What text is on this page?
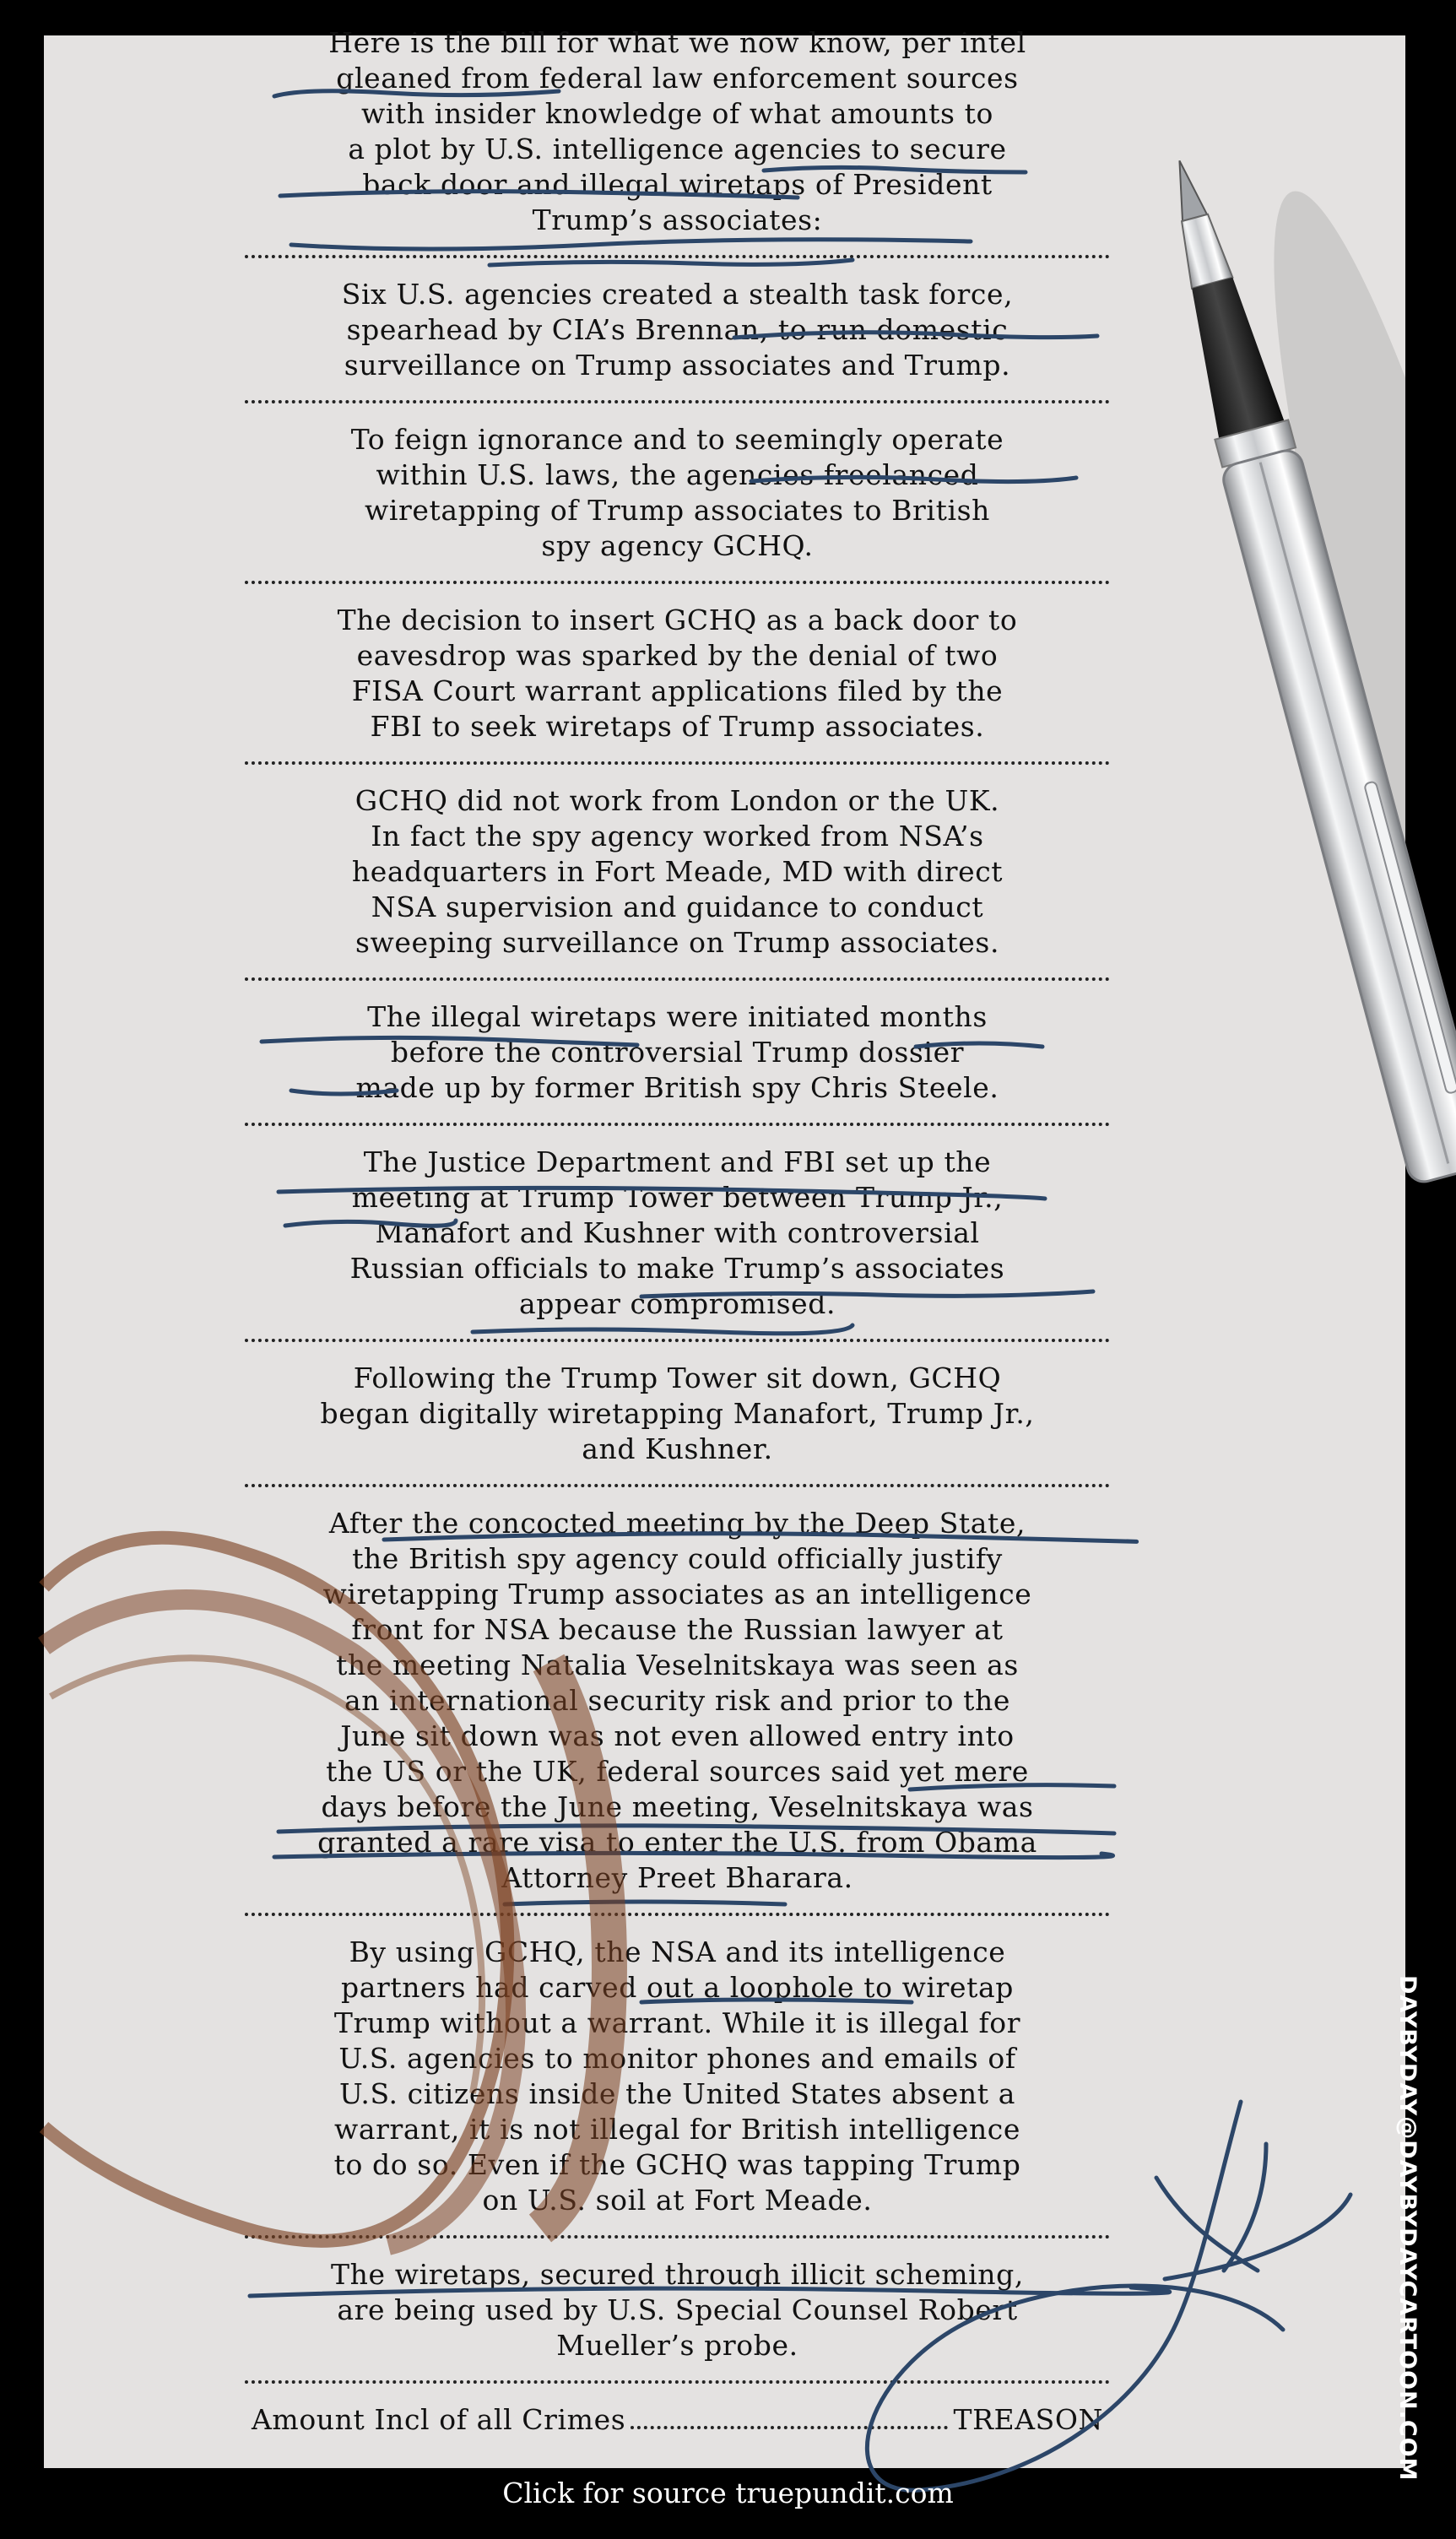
Here is the bill for what we now know, per intel
gleaned from federal law enforcement sources
with insider knowledge of what amounts to
a plot by U.S. intelligence agencies to secure
back door and illegal wiretaps of President
Trump’s associates:
Six U.S. agencies created a stealth task force,
spearhead by CIA’s Brennan, to run domestic
surveillance on Trump associates and Trump.
To feign ignorance and to seemingly operate
within U.S. laws, the agencies freelanced
wiretapping of Trump associates to British
spy agency GCHQ.
The decision to insert GCHQ as a back door to
eavesdrop was sparked by the denial of two
FISA Court warrant applications filed by the
FBI to seek wiretaps of Trump associates.
GCHQ did not work from London or the UK.
In fact the spy agency worked from NSA’s
headquarters in Fort Meade, MD with direct
NSA supervision and guidance to conduct
sweeping surveillance on Trump associates.
The illegal wiretaps were initiated months
before the controversial Trump dossier
made up by former British spy Chris Steele.
The Justice Department and FBI set up the
meeting at Trump Tower between Trump Jr.,
Manafort and Kushner with controversial
Russian officials to make Trump’s associates
appear compromised.
Following the Trump Tower sit down, GCHQ
began digitally wiretapping Manafort, Trump Jr.,
and Kushner.
After the concocted meeting by the Deep State,
the British spy agency could officially justify
wiretapping Trump associates as an intelligence
front for NSA because the Russian lawyer at
the meeting Natalia Veselnitskaya was seen as
an international security risk and prior to the
June sit down was not even allowed entry into
the US or the UK, federal sources said yet mere
days before the June meeting, Veselnitskaya was
granted a rare visa to enter the U.S. from Obama
Attorney Preet Bharara.
By using GCHQ, the NSA and its intelligence
partners had carved out a loophole to wiretap
Trump without a warrant. While it is illegal for
U.S. agencies to monitor phones and emails of
U.S. citizens inside the United States absent a
warrant, it is not illegal for British intelligence
to do so. Even if the GCHQ was tapping Trump
on U.S. soil at Fort Meade.
The wiretaps, secured through illicit scheming,
are being used by U.S. Special Counsel Robert
Mueller’s probe.
Amount Incl of all Crimes	TREASON	DAYBYDAY@DAYBYDAYCARTOON.COM
Click for source truepundit.com
